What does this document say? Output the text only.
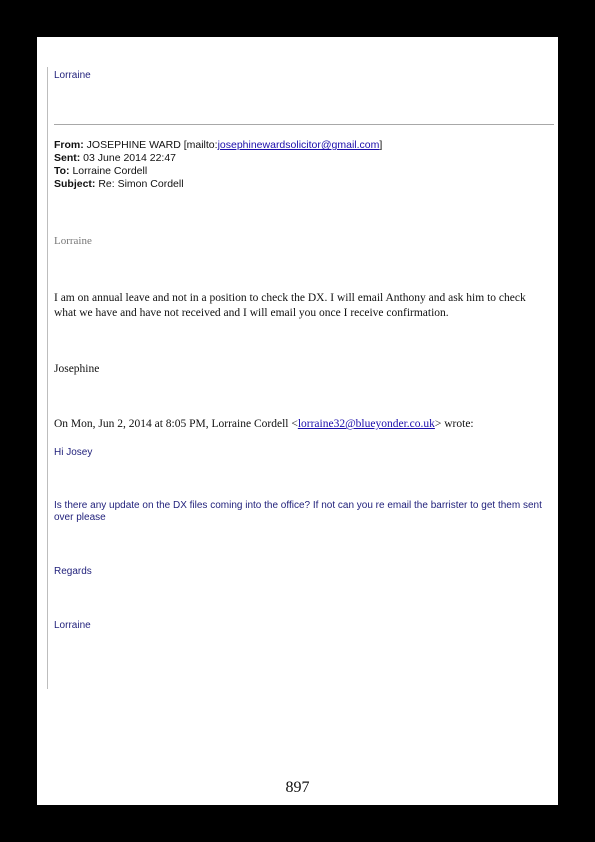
Lorraine
From: JOSEPHINE WARD [mailto:josephinewardsolicitor@gmail.com]
Sent: 03 June 2014 22:47
To: Lorraine Cordell
Subject: Re: Simon Cordell
Lorraine
I am on annual leave and not in a position to check the DX. I will email Anthony and ask him to check what we have and have not received and I will email you once I receive confirmation.
Josephine
On Mon, Jun 2, 2014 at 8:05 PM, Lorraine Cordell <lorraine32@blueyonder.co.uk> wrote:
Hi Josey
Is there any update on the DX files coming into the office? If not can you re email the barrister to get them sent over please
Regards
Lorraine
897
